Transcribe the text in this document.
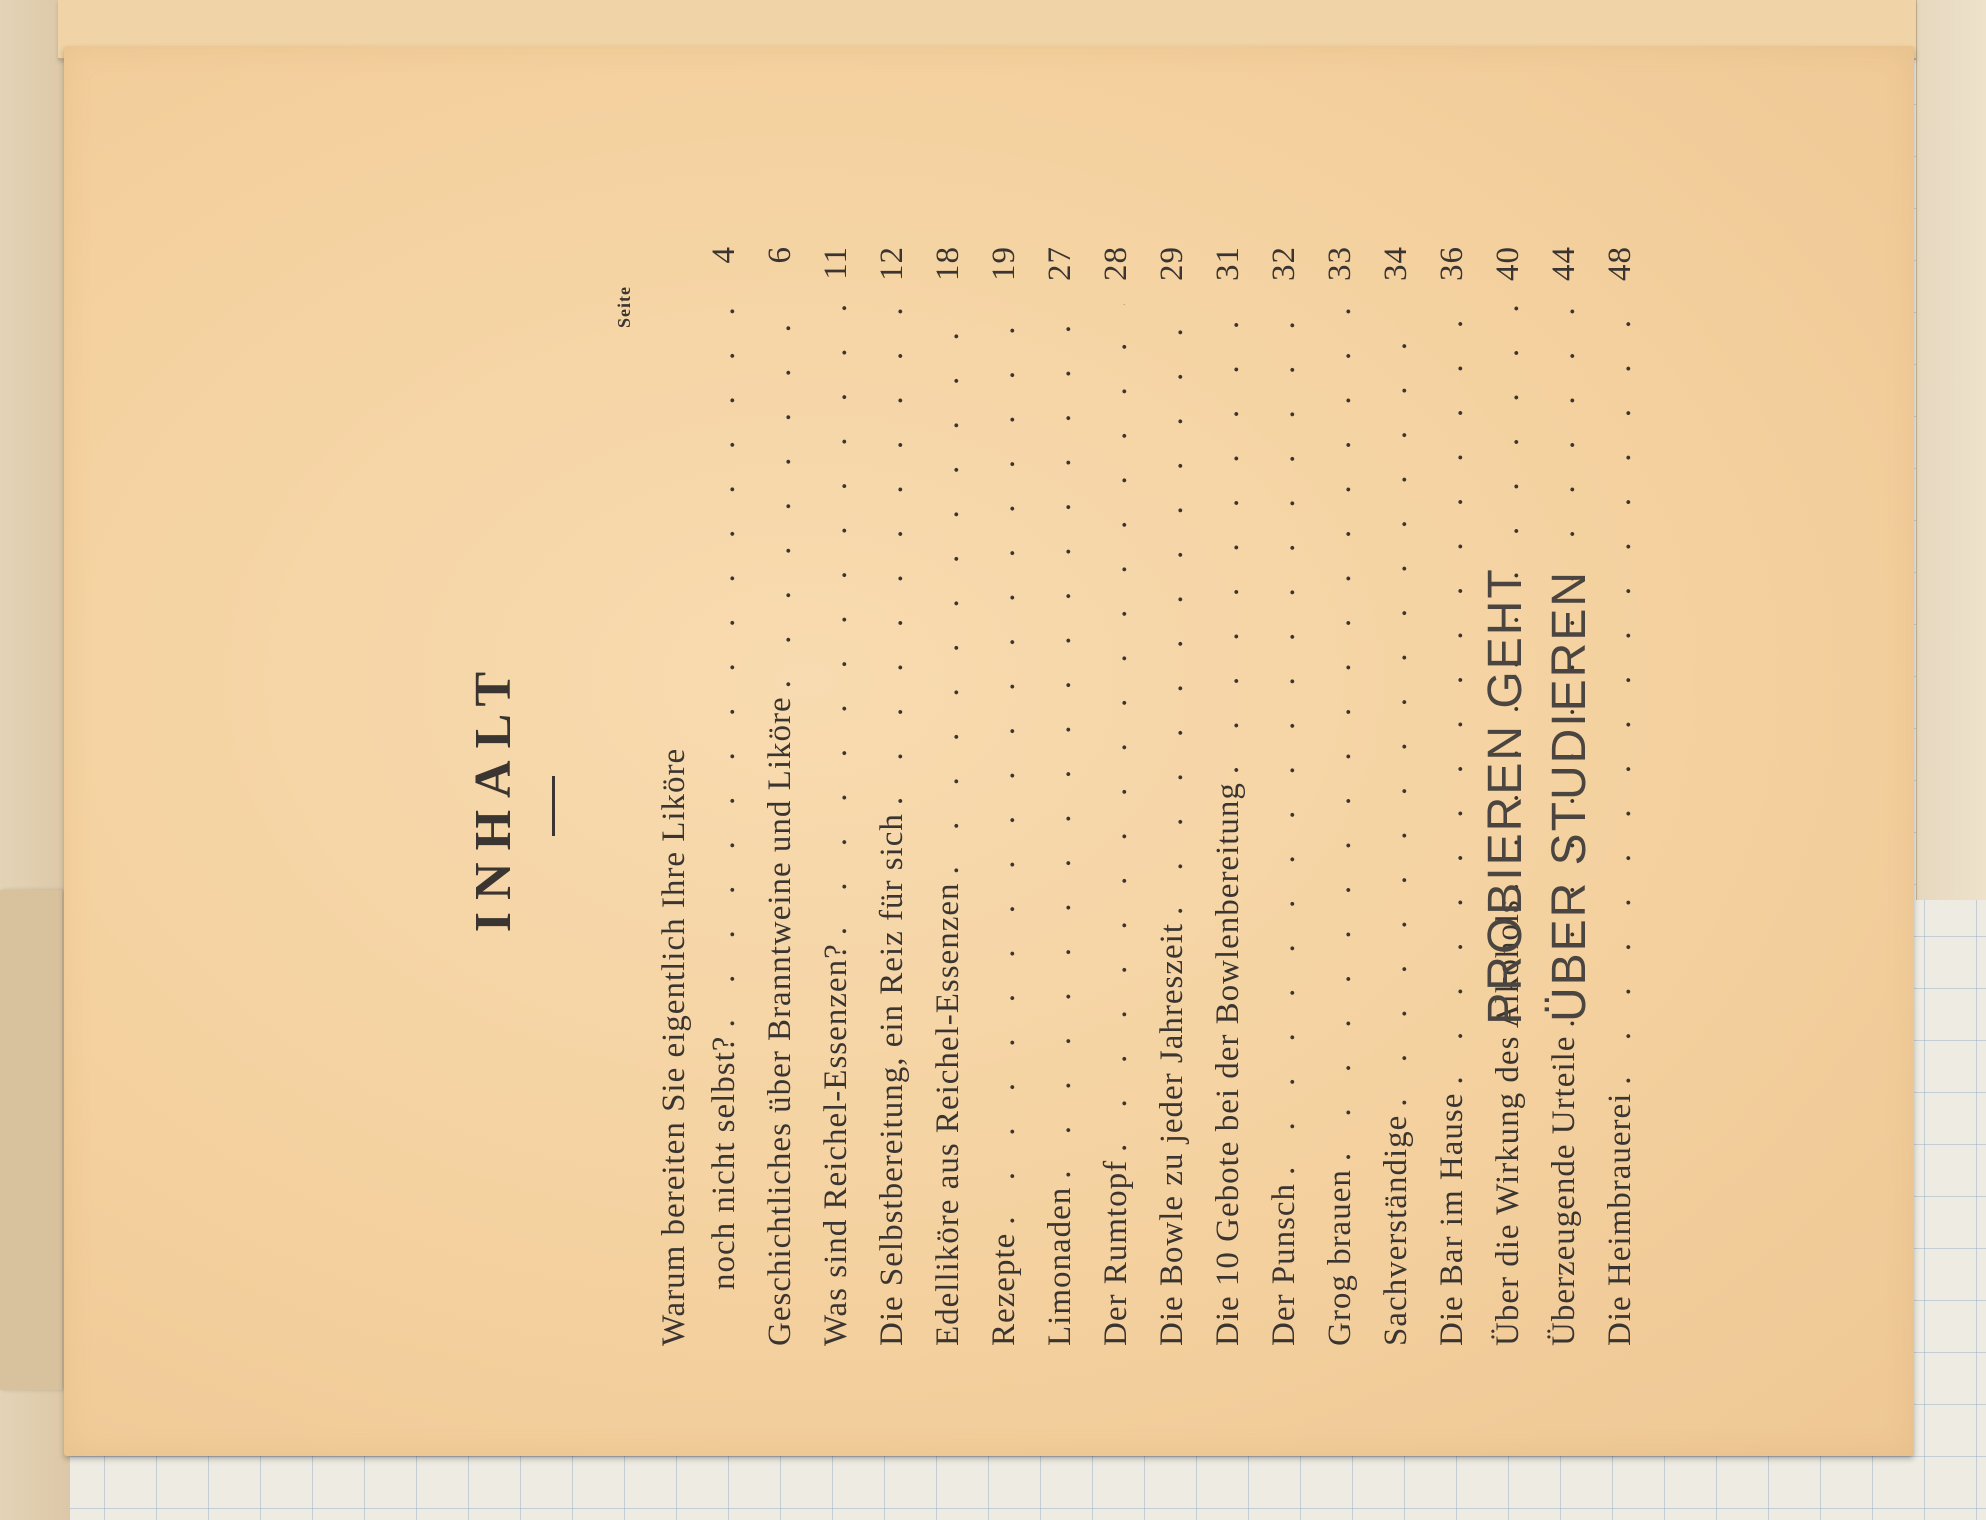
INHALT
Seite
Warum bereiten Sie eigentlich Ihre Liköre noch nicht selbst?
. . .
4
Geschichtliches über Branntweine und Liköre
. . .
6
Was sind Reichel-Essenzen?
. . .
11
Die Selbstbereitung, ein Reiz für sich
. . .
12
Edelliköre aus Reichel-Essenzen
. . .
18
Rezepte
. . .
19
Limonaden
. . .
27
Der Rumtopf
. . .
28
Die Bowle zu jeder Jahreszeit
. . .
29
Die 10 Gebote bei der Bowlenbereitung
. . .
31
Der Punsch
. . .
32
Grog brauen
. . .
33
Sachverständige
. . .
34
Die Bar im Hause
. . .
36
Über die Wirkung des Alkohols
. . .
40
Überzeugende Urteile
. . .
44
Die Heimbrauerei
. . .
48
PROBIEREN GEHT ÜBER STUDIEREN
